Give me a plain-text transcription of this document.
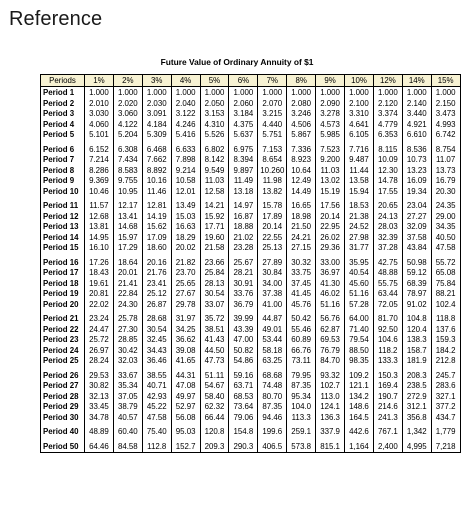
Reference
Future Value of Ordinary Annuity of $1
Periods	1%	2%	3%	4%	5%	6%	7%	8%	9%	10%	12%	14%	15%
Period 1	1.000	1.000	1.000	1.000	1.000	1.000	1.000	1.000	1.000	1.000	1.000	1.000	1.000
Period 2	2.010	2.020	2.030	2.040	2.050	2.060	2.070	2.080	2.090	2.100	2.120	2.140	2.150
Period 3	3.030	3.060	3.091	3.122	3.153	3.184	3.215	3.246	3.278	3.310	3.374	3.440	3.473
Period 4	4.060	4.122	4.184	4.246	4.310	4.375	4.440	4.506	4.573	4.641	4.779	4.921	4.993
Period 5	5.101	5.204	5.309	5.416	5.526	5.637	5.751	5.867	5.985	6.105	6.353	6.610	6.742

Period 6	6.152	6.308	6.468	6.633	6.802	6.975	7.153	7.336	7.523	7.716	8.115	8.536	8.754
Period 7	7.214	7.434	7.662	7.898	8.142	8.394	8.654	8.923	9.200	9.487	10.09	10.73	11.07
Period 8	8.286	8.583	8.892	9.214	9.549	9.897	10.260	10.64	11.03	11.44	12.30	13.23	13.73
Period 9	9.369	9.755	10.16	10.58	11.03	11.49	11.98	12.49	13.02	13.58	14.78	16.09	16.79
Period 10	10.46	10.95	11.46	12.01	12.58	13.18	13.82	14.49	15.19	15.94	17.55	19.34	20.30

Period 11	11.57	12.17	12.81	13.49	14.21	14.97	15.78	16.65	17.56	18.53	20.65	23.04	24.35
Period 12	12.68	13.41	14.19	15.03	15.92	16.87	17.89	18.98	20.14	21.38	24.13	27.27	29.00
Period 13	13.81	14.68	15.62	16.63	17.71	18.88	20.14	21.50	22.95	24.52	28.03	32.09	34.35
Period 14	14.95	15.97	17.09	18.29	19.60	21.02	22.55	24.21	26.02	27.98	32.39	37.58	40.50
Period 15	16.10	17.29	18.60	20.02	21.58	23.28	25.13	27.15	29.36	31.77	37.28	43.84	47.58

Period 16	17.26	18.64	20.16	21.82	23.66	25.67	27.89	30.32	33.00	35.95	42.75	50.98	55.72
Period 17	18.43	20.01	21.76	23.70	25.84	28.21	30.84	33.75	36.97	40.54	48.88	59.12	65.08
Period 18	19.61	21.41	23.41	25.65	28.13	30.91	34.00	37.45	41.30	45.60	55.75	68.39	75.84
Period 19	20.81	22.84	25.12	27.67	30.54	33.76	37.38	41.45	46.02	51.16	63.44	78.97	88.21
Period 20	22.02	24.30	26.87	29.78	33.07	36.79	41.00	45.76	51.16	57.28	72.05	91.02	102.4

Period 21	23.24	25.78	28.68	31.97	35.72	39.99	44.87	50.42	56.76	64.00	81.70	104.8	118.8
Period 22	24.47	27.30	30.54	34.25	38.51	43.39	49.01	55.46	62.87	71.40	92.50	120.4	137.6
Period 23	25.72	28.85	32.45	36.62	41.43	47.00	53.44	60.89	69.53	79.54	104.6	138.3	159.3
Period 24	26.97	30.42	34.43	39.08	44.50	50.82	58.18	66.76	76.79	88.50	118.2	158.7	184.2
Period 25	28.24	32.03	36.46	41.65	47.73	54.86	63.25	73.11	84.70	98.35	133.3	181.9	212.8

Period 26	29.53	33.67	38.55	44.31	51.11	59.16	68.68	79.95	93.32	109.2	150.3	208.3	245.7
Period 27	30.82	35.34	40.71	47.08	54.67	63.71	74.48	87.35	102.7	121.1	169.4	238.5	283.6
Period 28	32.13	37.05	42.93	49.97	58.40	68.53	80.70	95.34	113.0	134.2	190.7	272.9	327.1
Period 29	33.45	38.79	45.22	52.97	62.32	73.64	87.35	104.0	124.1	148.6	214.6	312.1	377.2
Period 30	34.78	40.57	47.58	56.08	66.44	79.06	94.46	113.3	136.3	164.5	241.3	356.8	434.7

Period 40	48.89	60.40	75.40	95.03	120.8	154.8	199.6	259.1	337.9	442.6	767.1	1,342	1,779

Period 50	64.46	84.58	112.8	152.7	209.3	290.3	406.5	573.8	815.1	1,164	2,400	4,995	7,218
